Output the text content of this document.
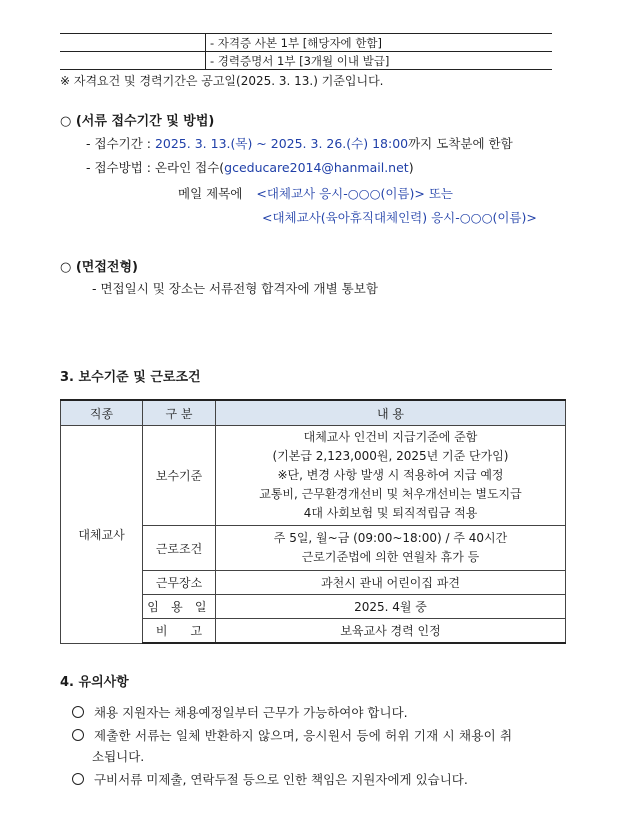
- 자격증 사본 1부 [해당자에 한함]
- 경력증명서 1부 [3개월 이내 발급]
※ 자격요건 및 경력기간은 공고일(2025. 3. 13.) 기준입니다.
○ (서류 접수기간 및 방법)
- 접수기간 : 2025. 3. 13.(목) ~ 2025. 3. 26.(수) 18:00까지 도착분에 한함
- 접수방법 : 온라인 접수(gceducare2014@hanmail.net)
메일 제목에 <대체교사 응시-○○○(이름)> 또는
<대체교사(육아휴직대체인력) 응시-○○○(이름)>
○ (면접전형)
- 면접일시 및 장소는 서류전형 합격자에 개별 통보함
3. 보수기준 및 근로조건
직종	구 분	내 용
대체교사	보수기준	대체교사 인건비 지급기준에 준함
(기본급 2,123,000원, 2025년 기준 단가임)
※단, 변경 사항 발생 시 적용하여 지급 예정
교통비, 근무환경개선비 및 처우개선비는 별도지급
4대 사회보험 및 퇴직적립금 적용

	근로조건	주 5일, 월~금 (09:00~18:00) / 주 40시간
근로기준법에 의한 연월차 휴가 등

	근무장소	과천시 관내 어린이집 파견
	임 용 일	2025. 4월 중
	비 고	보육교사 경력 인정
4. 유의사항
채용 지원자는 채용예정일부터 근무가 가능하여야 합니다.
제출한 서류는 일체 반환하지 않으며, 응시원서 등에 허위 기재 시 채용이 취
소됩니다.
구비서류 미제출, 연락두절 등으로 인한 책임은 지원자에게 있습니다.
